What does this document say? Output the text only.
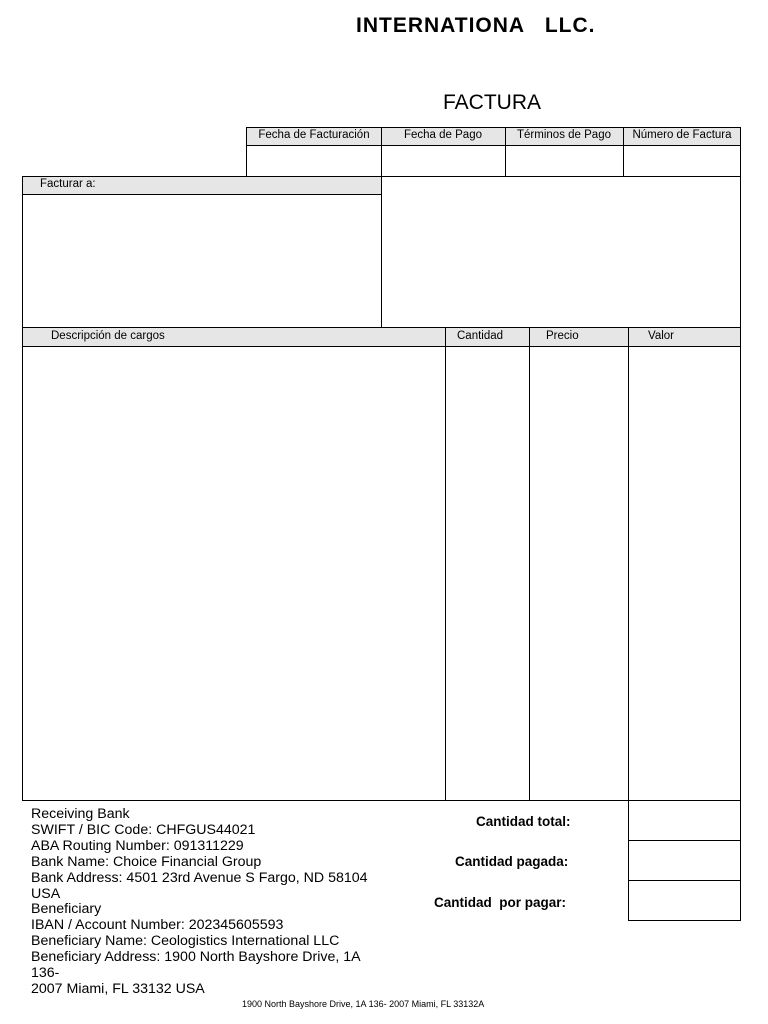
INTERNATIONA   LLC.
FACTURA
Fecha de Facturación	Fecha de Pago	Términos de Pago	Número de Factura
Facturar a:
Descripción de cargos	Cantidad	Precio	Valor
Receiving Bank
SWIFT / BIC Code: CHFGUS44021
ABA Routing Number: 091311229
Bank Name: Choice Financial Group
Bank Address: 4501 23rd Avenue S Fargo, ND 58104
USA
Beneficiary
IBAN / Account Number: 202345605593
Beneficiary Name: Ceologistics International LLC
Beneficiary Address: 1900 North Bayshore Drive, 1A
136-
2007 Miami, FL 33132 USA
Cantidad total:
Cantidad pagada:
Cantidad  por pagar:
1900 North Bayshore Drive, 1A 136- 2007 Miami, FL 33132A
